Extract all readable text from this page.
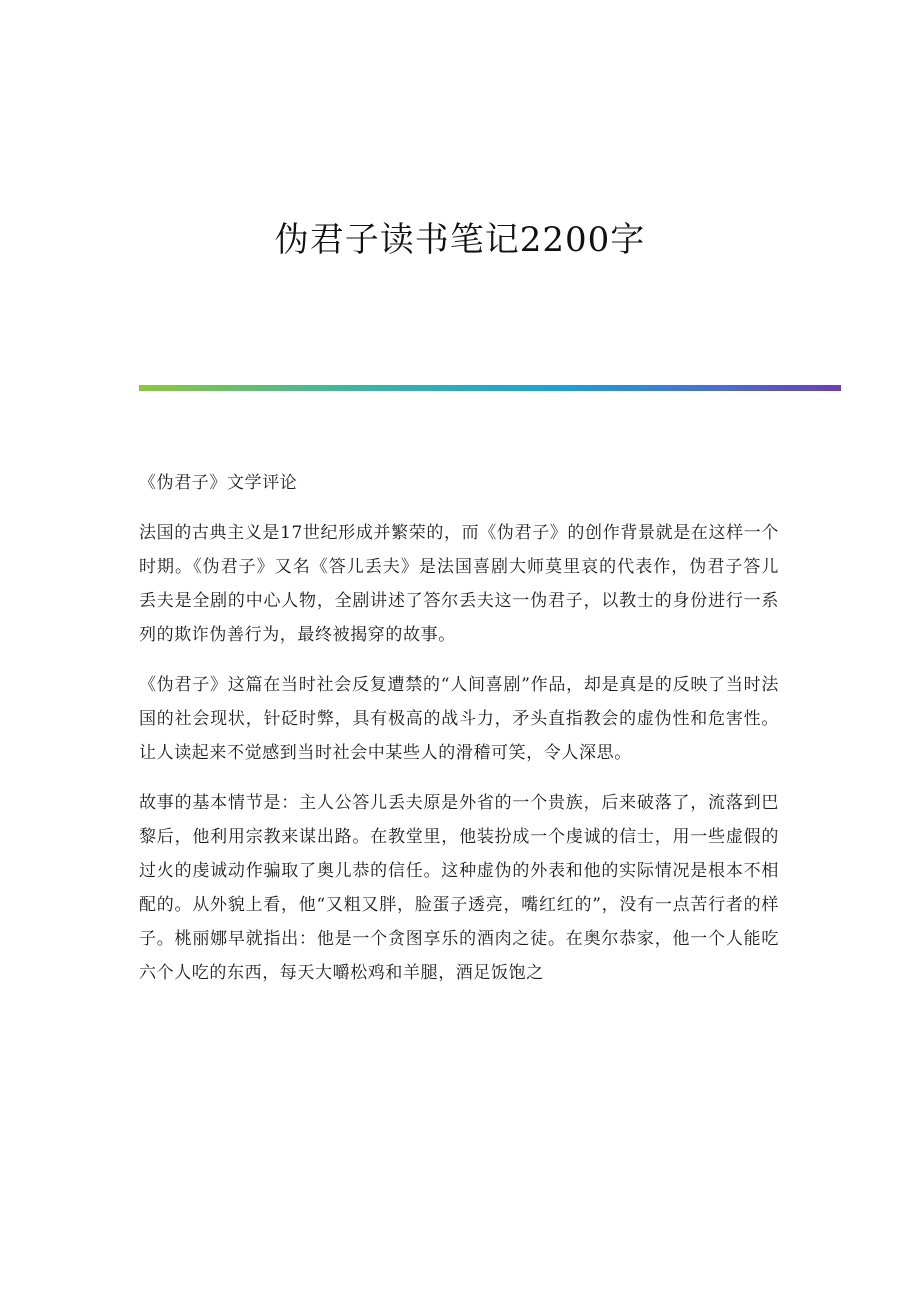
伪君子读书笔记2200字

《伪君子》文学评论

法国的古典主义是17世纪形成并繁荣的，而《伪君子》的创作背景就是在这样一个时期。《伪君子》又名《答儿丢夫》是法国喜剧大师莫里哀的代表作，伪君子答儿丢夫是全剧的中心人物，全剧讲述了答尔丢夫这一伪君子，以教士的身份进行一系列的欺诈伪善行为，最终被揭穿的故事。

《伪君子》这篇在当时社会反复遭禁的“人间喜剧”作品，却是真是的反映了当时法国的社会现状，针砭时弊，具有极高的战斗力，矛头直指教会的虚伪性和危害性。让人读起来不觉感到当时社会中某些人的滑稽可笑，令人深思。

故事的基本情节是：主人公答儿丢夫原是外省的一个贵族，后来破落了，流落到巴黎后，他利用宗教来谋出路。在教堂里，他装扮成一个虔诚的信士，用一些虚假的过火的虔诚动作骗取了奥儿恭的信任。这种虚伪的外表和他的实际情况是根本不相配的。从外貌上看，他“又粗又胖，脸蛋子透亮，嘴红红的”，没有一点苦行者的样子。桃丽娜早就指出：他是一个贪图享乐的酒肉之徒。在奥尔恭家，他一个人能吃六个人吃的东西，每天大嚼松鸡和羊腿，酒足饭饱之
